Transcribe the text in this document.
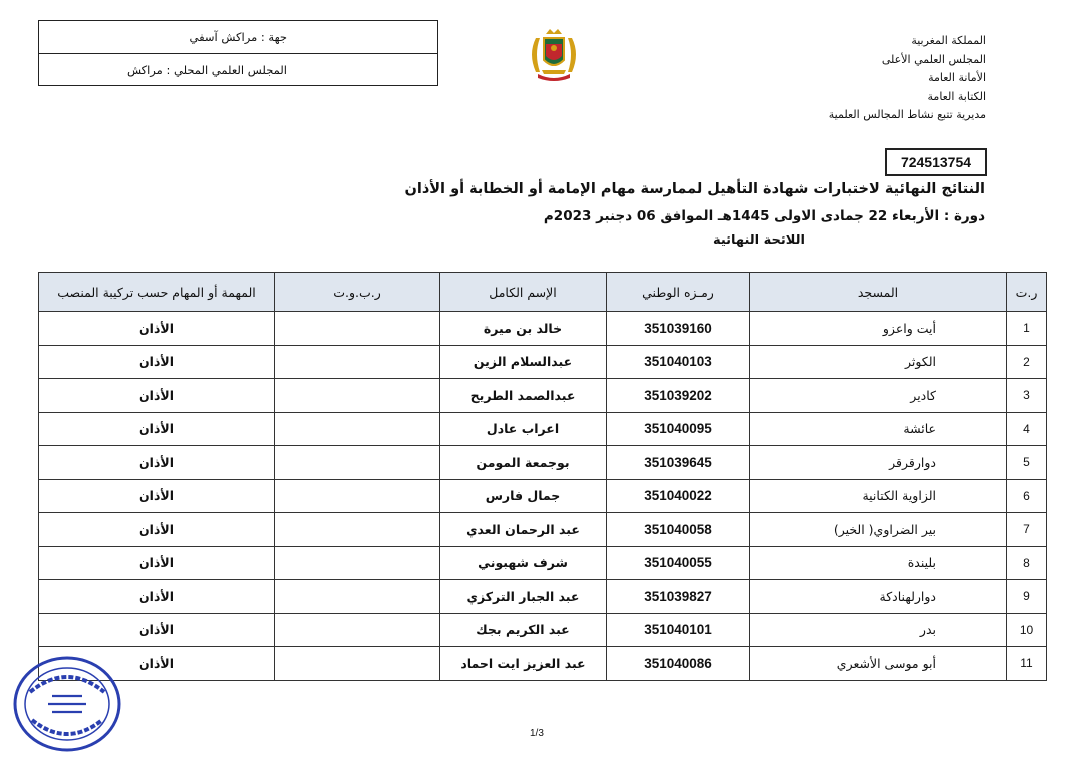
المملكة المغربية
المجلس العلمي الأعلى
الأمانة العامة
الكتابة العامة
مديرية تتبع نشاط المجالس العلمية
724513754
جهة : مراكش آسفي
المجلس العلمي المحلي : مراكش
النتائج النهائية لاختبارات شهادة التأهيل لممارسة مهام الإمامة أو الخطابة أو الأذان
دورة : الأربعاء 22 جمادى الاولى 1445هـ الموافق 06 دجنبر 2023م
اللائحة النهائية
ر.ت	المسجد	رمـزه الوطني	الإسم الكامل	ر.ب.و.ت	المهمة أو المهام حسب تركيبة المنصب
1	أيت واعزو	351039160	خالد بن ميرة		الأذان
2	الكوثر	351040103	عبدالسلام الزين		الأذان
3	كادير	351039202	عبدالصمد الطريح		الأذان
4	عائشة	351040095	اعراب عادل		الأذان
5	دوارقرقر	351039645	بوجمعة المومن		الأذان
6	الزاوية الكتانية	351040022	جمال فارس		الأذان
7	بير الضراوي( الخير)	351040058	عبد الرحمان العدي		الأذان
8	بليندة	351040055	شرف شهبوني		الأذان
9	دوارلهنادكة	351039827	عبد الجبار التركزي		الأذان
10	بدر	351040101	عبد الكريم بجك		الأذان
11	أبو موسى الأشعري	351040086	عبد العزيز ايت احماد		الأذان
1/3
